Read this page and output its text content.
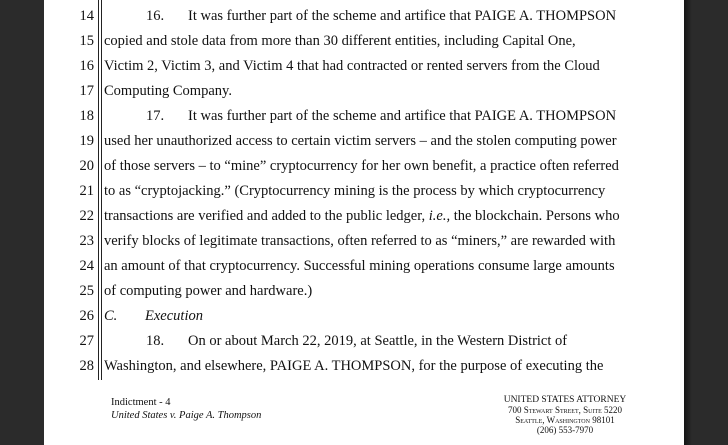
14
15
16
17
18
19
20
21
22
23
24
25
26
27
28
16. It was further part of the scheme and artifice that PAIGE A. THOMPSON
copied and stole data from more than 30 different entities, including Capital One,
Victim 2, Victim 3, and Victim 4 that had contracted or rented servers from the Cloud
Computing Company.
17. It was further part of the scheme and artifice that PAIGE A. THOMPSON
used her unauthorized access to certain victim servers – and the stolen computing power
of those servers – to “mine” cryptocurrency for her own benefit, a practice often referred
to as “cryptojacking.” (Cryptocurrency mining is the process by which cryptocurrency
transactions are verified and added to the public ledger, i.e., the blockchain. Persons who
verify blocks of legitimate transactions, often referred to as “miners,” are rewarded with
an amount of that cryptocurrency. Successful mining operations consume large amounts
of computing power and hardware.)
C. Execution
18. On or about March 22, 2019, at Seattle, in the Western District of
Washington, and elsewhere, PAIGE A. THOMPSON, for the purpose of executing the
Indictment - 4
United States v. Paige A. Thompson
UNITED STATES ATTORNEY
700 Stewart Street, Suite 5220
Seattle, Washington 98101
(206) 553-7970
